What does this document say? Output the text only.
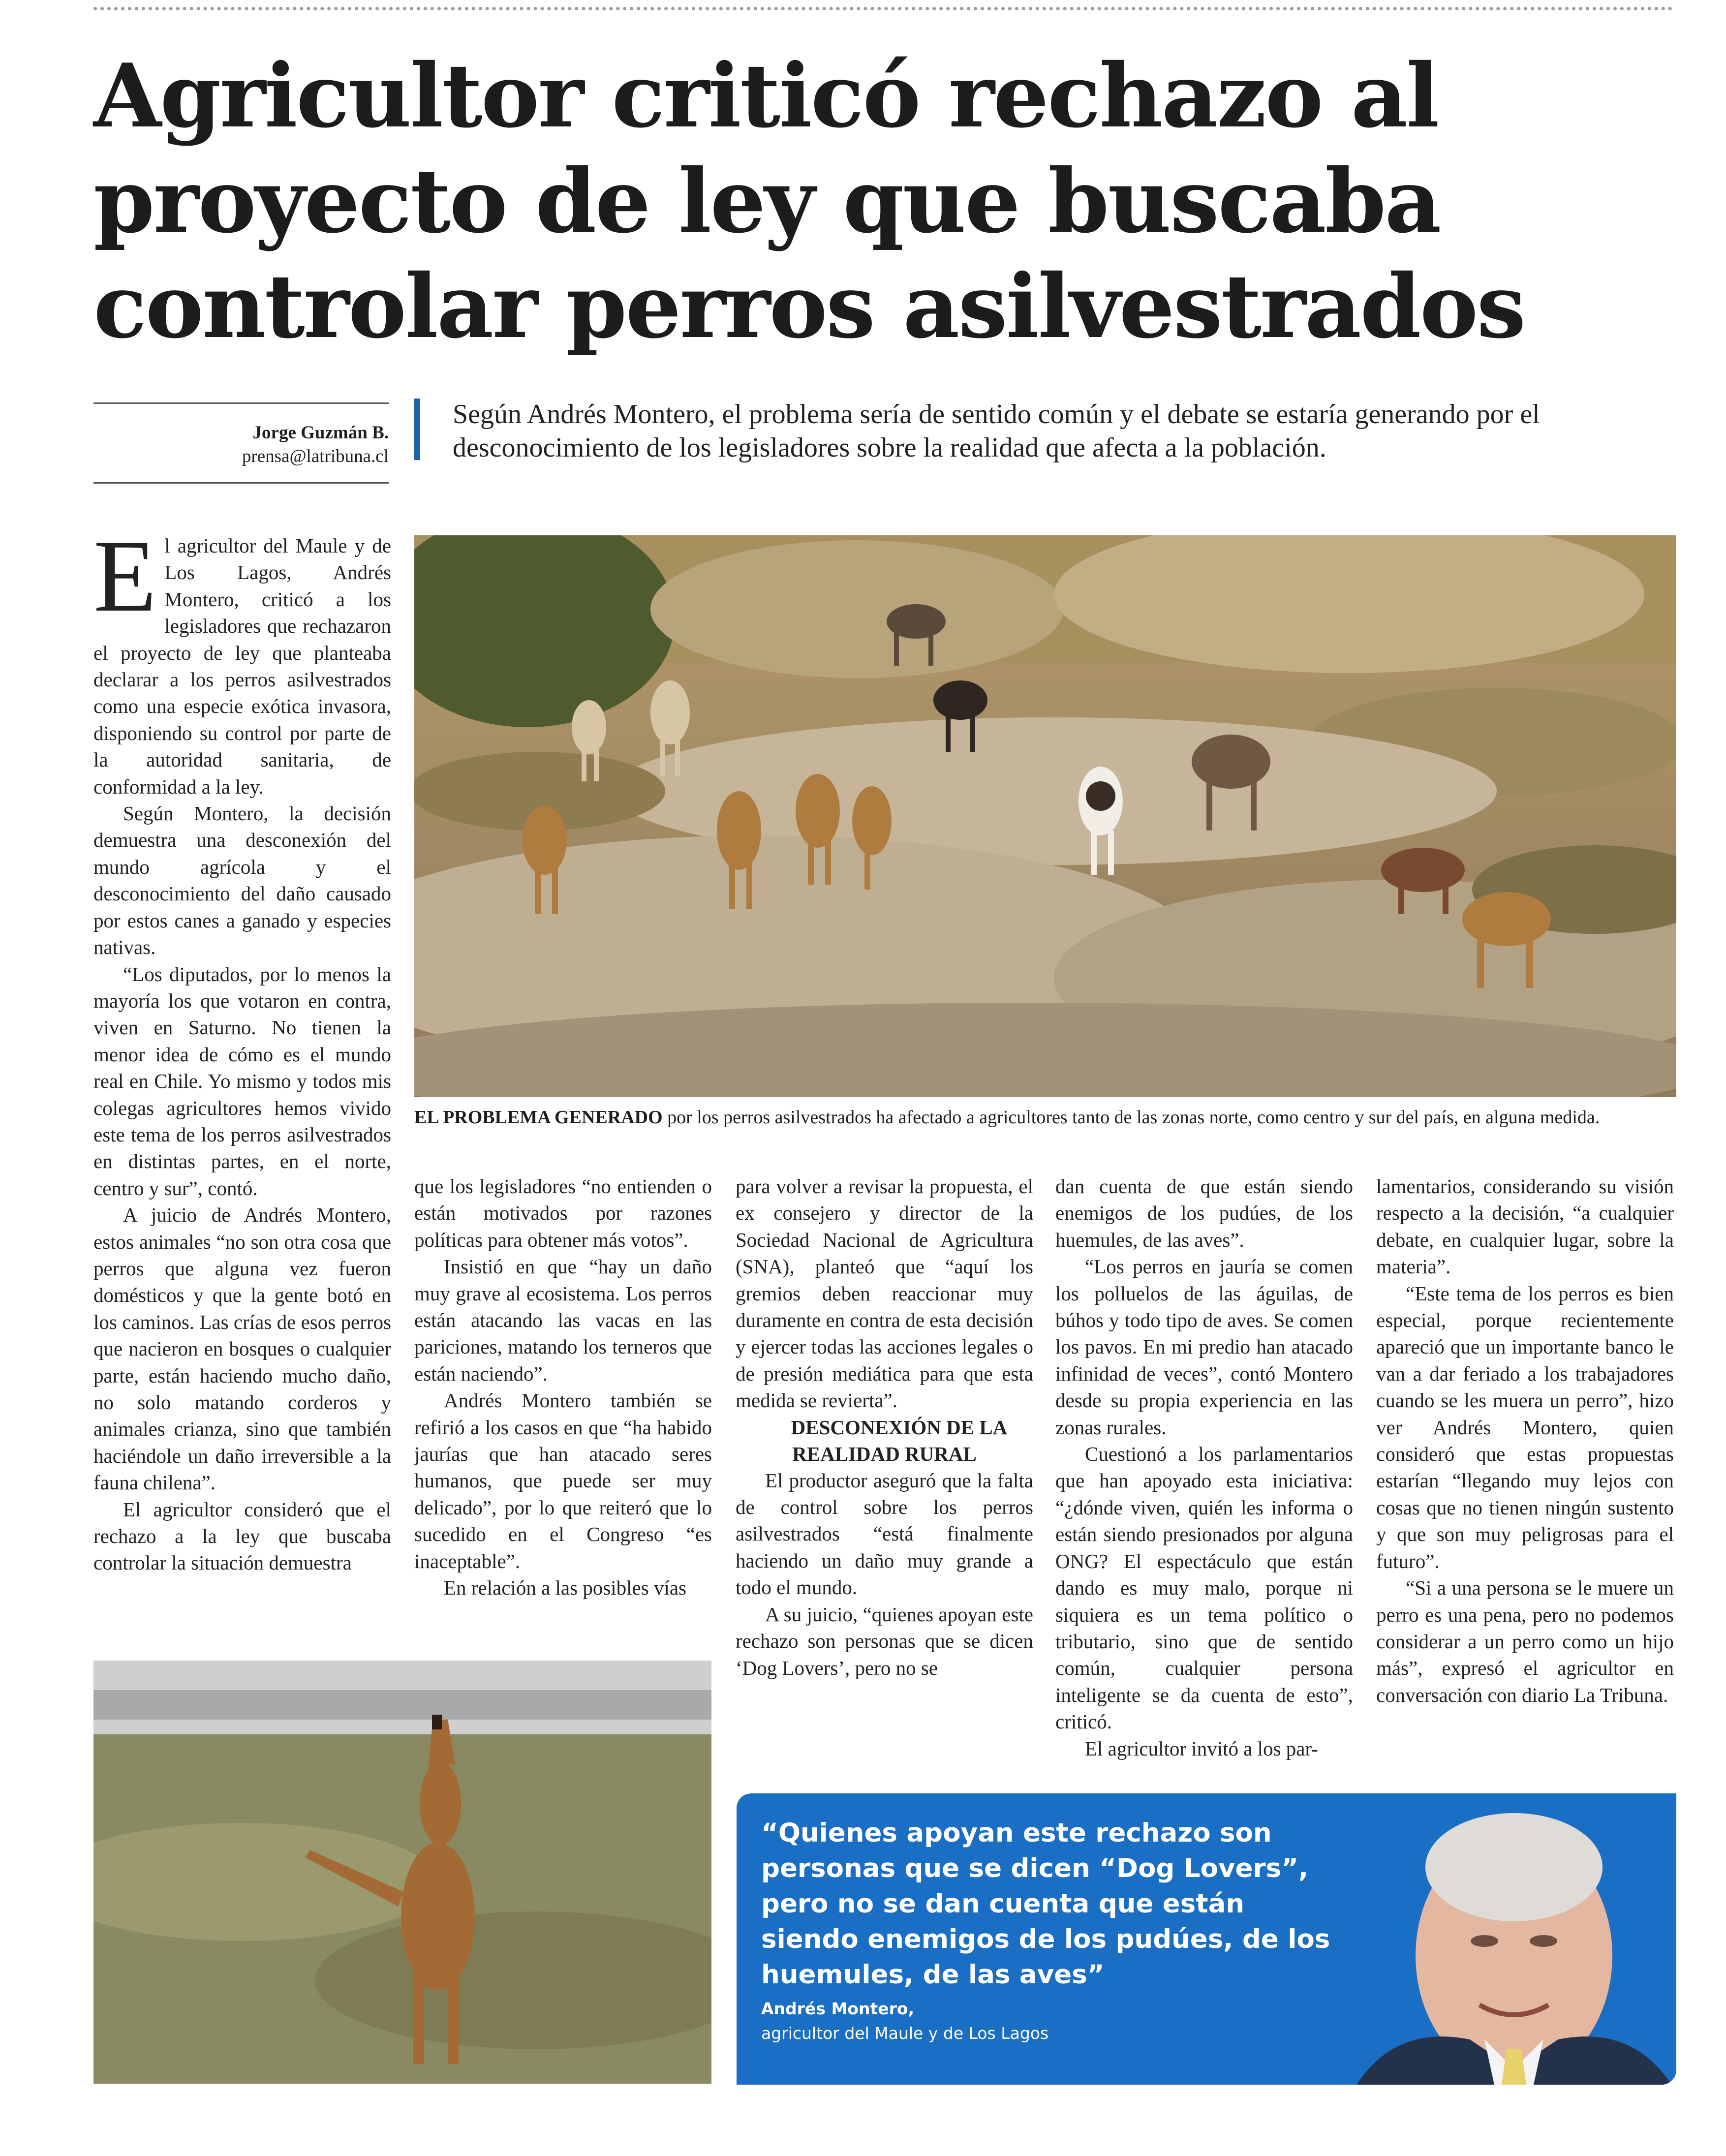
Agricultor criticó rechazo al proyecto de ley que buscaba controlar perros asilvestrados
Jorge Guzmán B.
prensa@latribuna.cl

Según Andrés Montero, el problema sería de sentido común y el debate se estaría generando por el desconocimiento de los legisladores sobre la realidad que afecta a la población.

El agricultor del Maule y de Los Lagos, Andrés Montero, criticó a los legisladores que rechazaron el proyecto de ley que planteaba declarar a los perros asilvestrados como una especie exótica invasora, disponiendo su control por parte de la autoridad sanitaria, de conformidad a la ley.

Según Montero, la decisión demuestra una desconexión del mundo agrícola y el desconocimiento del daño causado por estos canes a ganado y especies nativas.

“Los diputados, por lo menos la mayoría los que votaron en contra, viven en Saturno. No tienen la menor idea de cómo es el mundo real en Chile. Yo mismo y todos mis colegas agricultores hemos vivido este tema de los perros asilvestrados en distintas partes, en el norte, centro y sur”, contó.

A juicio de Andrés Montero, estos animales “no son otra cosa que perros que alguna vez fueron domésticos y que la gente botó en los caminos. Las crías de esos perros que nacieron en bosques o cualquier parte, están haciendo mucho daño, no solo matando corderos y animales crianza, sino que también haciéndole un daño irreversible a la fauna chilena”.

El agricultor consideró que el rechazo a la ley que buscaba controlar la situación demuestra

EL PROBLEMA GENERADO por los perros asilvestrados ha afectado a agricultores tanto de las zonas norte, como centro y sur del país, en alguna medida.

que los legisladores “no entienden o están motivados por razones políticas para obtener más votos”.

Insistió en que “hay un daño muy grave al ecosistema. Los perros están atacando las vacas en las pariciones, matando los terneros que están naciendo”.

Andrés Montero también se refirió a los casos en que “ha habido jaurías que han atacado seres humanos, que puede ser muy delicado”, por lo que reiteró que lo sucedido en el Congreso “es inaceptable”.

En relación a las posibles vías

para volver a revisar la propuesta, el ex consejero y director de la Sociedad Nacional de Agricultura (SNA), planteó que “aquí los gremios deben reaccionar muy duramente en contra de esta decisión y ejercer todas las acciones legales o de presión mediática para que esta medida se revierta”.

DESCONEXIÓN DE LA REALIDAD RURAL

El productor aseguró que la falta de control sobre los perros asilvestrados “está finalmente haciendo un daño muy grande a todo el mundo.

A su juicio, “quienes apoyan este rechazo son personas que se dicen ‘Dog Lovers’, pero no se

dan cuenta de que están siendo enemigos de los pudúes, de los huemules, de las aves”.

“Los perros en jauría se comen los polluelos de las águilas, de búhos y todo tipo de aves. Se comen los pavos. En mi predio han atacado infinidad de veces”, contó Montero desde su propia experiencia en las zonas rurales.

Cuestionó a los parlamentarios que han apoyado esta iniciativa: “¿dónde viven, quién les informa o están siendo presionados por alguna ONG? El espectáculo que están dando es muy malo, porque ni siquiera es un tema político o tributario, sino que de sentido común, cualquier persona inteligente se da cuenta de esto”, criticó.

El agricultor invitó a los par-

lamentarios, considerando su visión respecto a la decisión, “a cualquier debate, en cualquier lugar, sobre la materia”.

“Este tema de los perros es bien especial, porque recientemente apareció que un importante banco le van a dar feriado a los trabajadores cuando se les muera un perro”, hizo ver Andrés Montero, quien consideró que estas propuestas estarían “llegando muy lejos con cosas que no tienen ningún sustento y que son muy peligrosas para el futuro”.

“Si a una persona se le muere un perro es una pena, pero no podemos considerar a un perro como un hijo más”, expresó el agricultor en conversación con diario La Tribuna.

“Quienes apoyan este rechazo son personas que se dicen “Dog Lovers”, pero no se dan cuenta que están siendo enemigos de los pudúes, de los huemules, de las aves”

Andrés Montero,
agricultor del Maule y de Los Lagos
